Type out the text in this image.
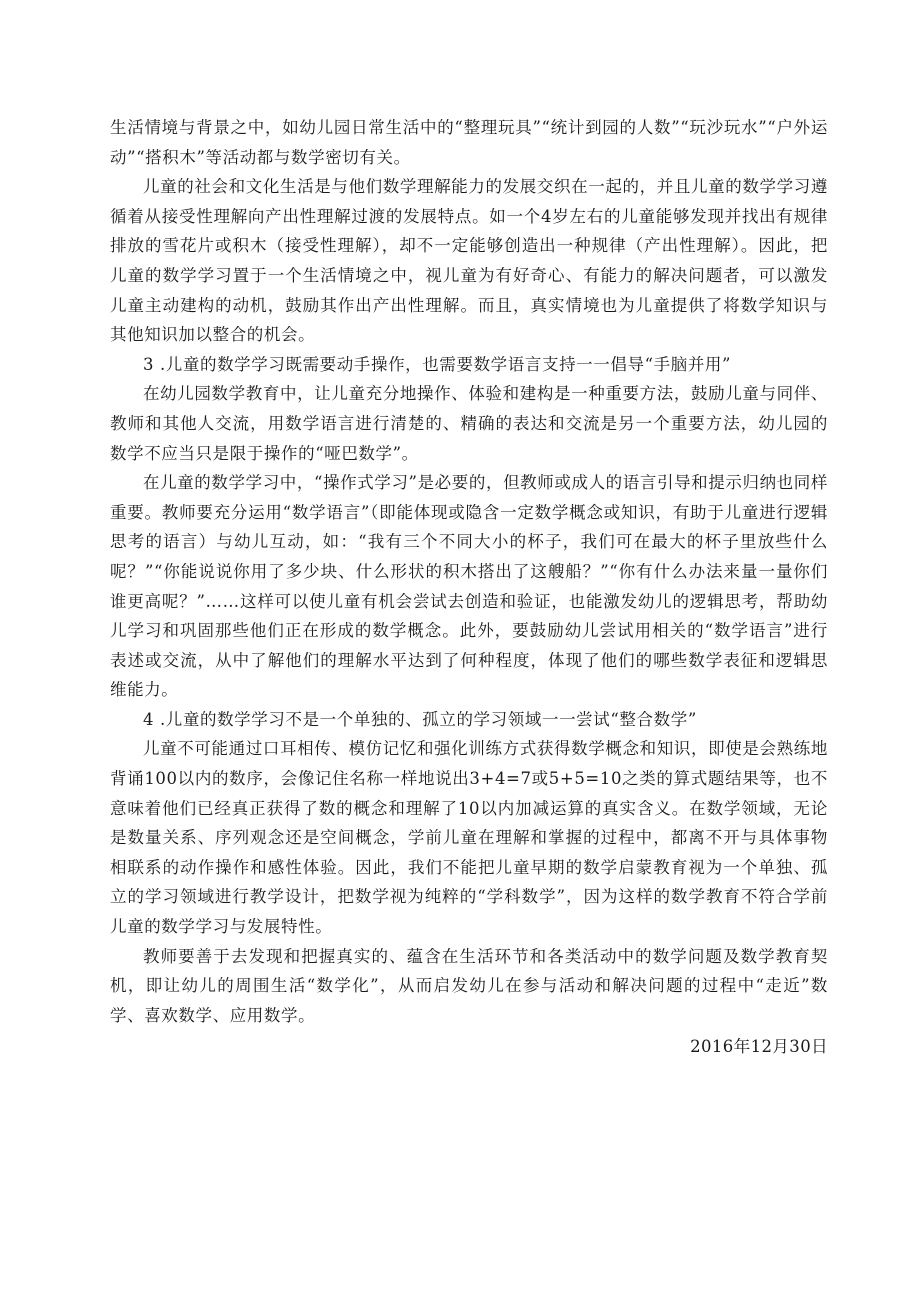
生活情境与背景之中，如幼儿园日常生活中的“整理玩具”“统计到园的人数”“玩沙玩水”“户外运动”“搭积木”等活动都与数学密切有关。

儿童的社会和文化生活是与他们数学理解能力的发展交织在一起的，并且儿童的数学学习遵循着从接受性理解向产出性理解过渡的发展特点。如一个4岁左右的儿童能够发现并找出有规律排放的雪花片或积木（接受性理解），却不一定能够创造出一种规律（产出性理解）。因此，把儿童的数学学习置于一个生活情境之中，视儿童为有好奇心、有能力的解决问题者，可以激发儿童主动建构的动机，鼓励其作出产出性理解。而且，真实情境也为儿童提供了将数学知识与其他知识加以整合的机会。

3 .儿童的数学学习既需要动手操作，也需要数学语言支持一一倡导“手脑并用”

在幼儿园数学教育中，让儿童充分地操作、体验和建构是一种重要方法，鼓励儿童与同伴、教师和其他人交流，用数学语言进行清楚的、精确的表达和交流是另一个重要方法，幼儿园的数学不应当只是限于操作的“哑巴数学”。

在儿童的数学学习中，“操作式学习”是必要的，但教师或成人的语言引导和提示归纳也同样重要。教师要充分运用“数学语言”（即能体现或隐含一定数学概念或知识，有助于儿童进行逻辑思考的语言）与幼儿互动，如：“我有三个不同大小的杯子，我们可在最大的杯子里放些什么呢？”“你能说说你用了多少块、什么形状的积木搭出了这艘船？”“你有什么办法来量一量你们谁更高呢？”……这样可以使儿童有机会尝试去创造和验证，也能激发幼儿的逻辑思考，帮助幼儿学习和巩固那些他们正在形成的数学概念。此外，要鼓励幼儿尝试用相关的“数学语言”进行表述或交流，从中了解他们的理解水平达到了何种程度，体现了他们的哪些数学表征和逻辑思维能力。

4 .儿童的数学学习不是一个单独的、孤立的学习领域一一尝试“整合数学”

儿童不可能通过口耳相传、模仿记忆和强化训练方式获得数学概念和知识，即使是会熟练地背诵100以内的数序，会像记住名称一样地说出3+4=7或5+5=10之类的算式题结果等，也不意味着他们已经真正获得了数的概念和理解了10以内加减运算的真实含义。在数学领域，无论是数量关系、序列观念还是空间概念，学前儿童在理解和掌握的过程中，都离不开与具体事物相联系的动作操作和感性体验。因此，我们不能把儿童早期的数学启蒙教育视为一个单独、孤立的学习领域进行教学设计，把数学视为纯粹的“学科数学”，因为这样的数学教育不符合学前儿童的数学学习与发展特性。

教师要善于去发现和把握真实的、蕴含在生活环节和各类活动中的数学问题及数学教育契机，即让幼儿的周围生活“数学化”，从而启发幼儿在参与活动和解决问题的过程中“走近”数学、喜欢数学、应用数学。

2016年12月30日
